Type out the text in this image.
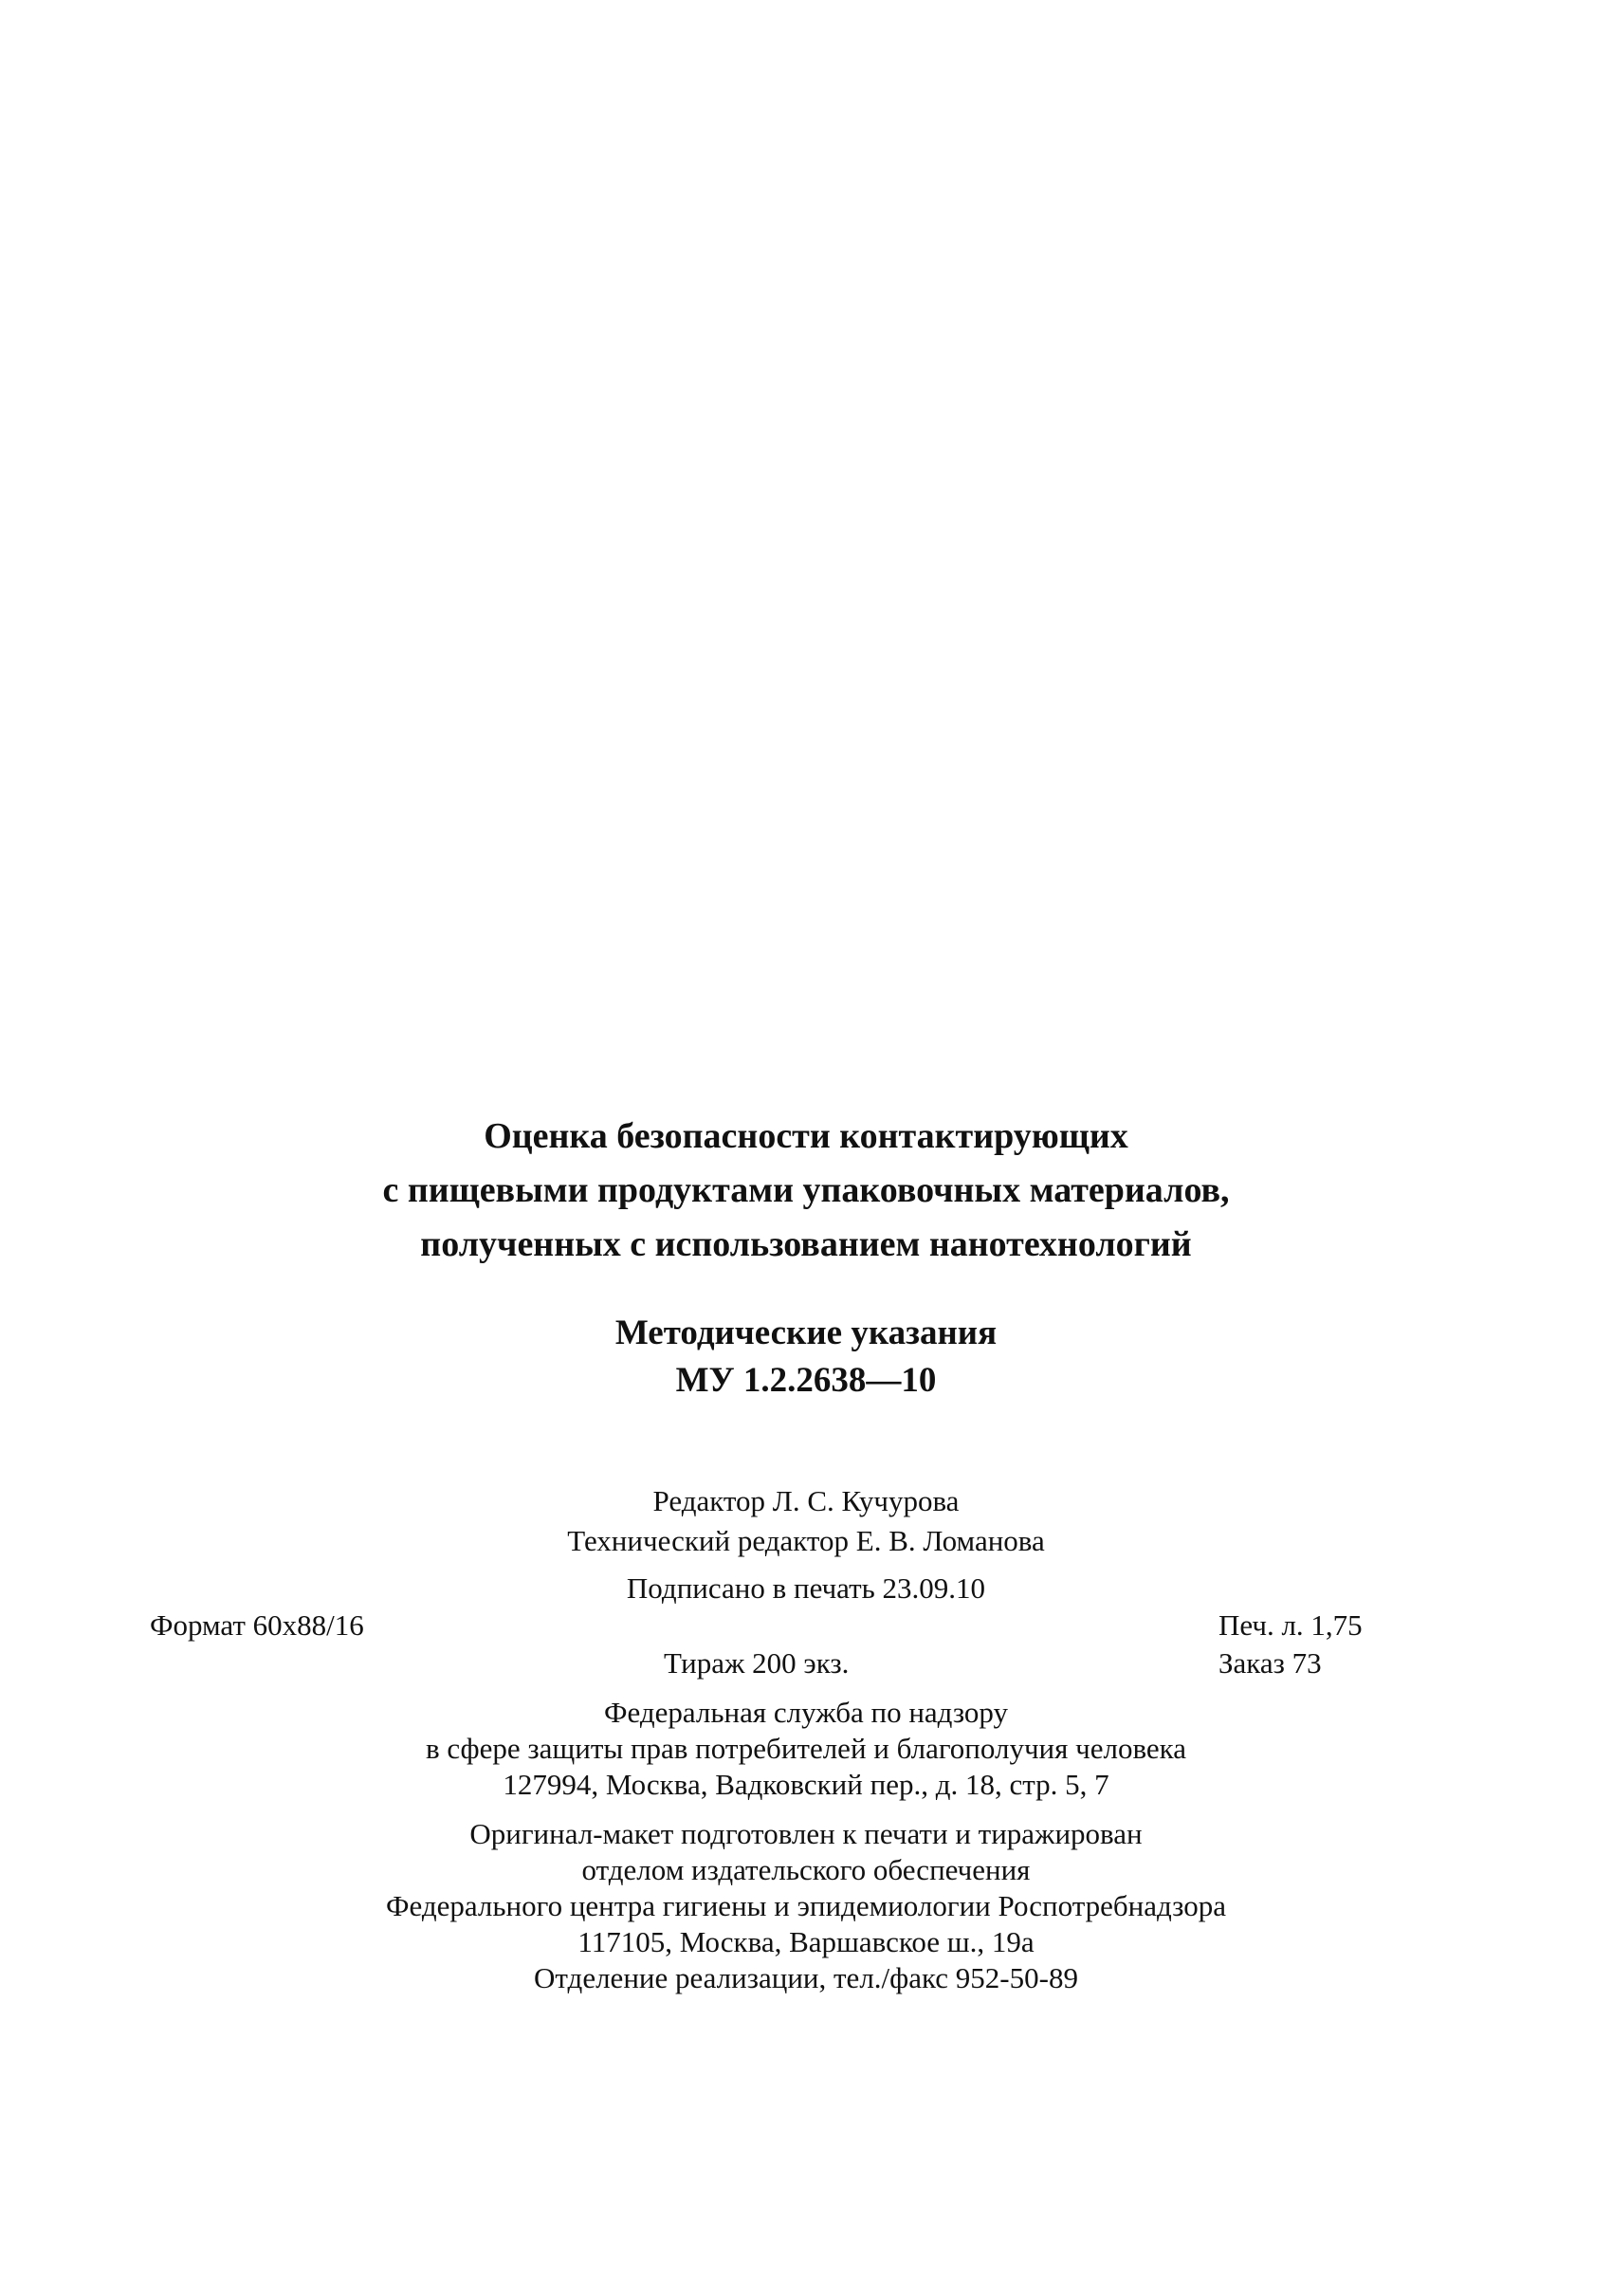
Оценка безопасности контактирующих
с пищевыми продуктами упаковочных материалов,
полученных с использованием нанотехнологий
Методические указания
МУ 1.2.2638—10
Редактор Л. С. Кучурова
Технический редактор Е. В. Ломанова
Подписано в печать 23.09.10
Формат 60х88/16	Печ. л. 1,75
Тираж 200 экз.	Заказ 73
Федеральная служба по надзору
в сфере защиты прав потребителей и благополучия человека
127994, Москва, Вадковский пер., д. 18, стр. 5, 7
Оригинал-макет подготовлен к печати и тиражирован
отделом издательского обеспечения
Федерального центра гигиены и эпидемиологии Роспотребнадзора
117105, Москва, Варшавское ш., 19а
Отделение реализации, тел./факс 952-50-89
